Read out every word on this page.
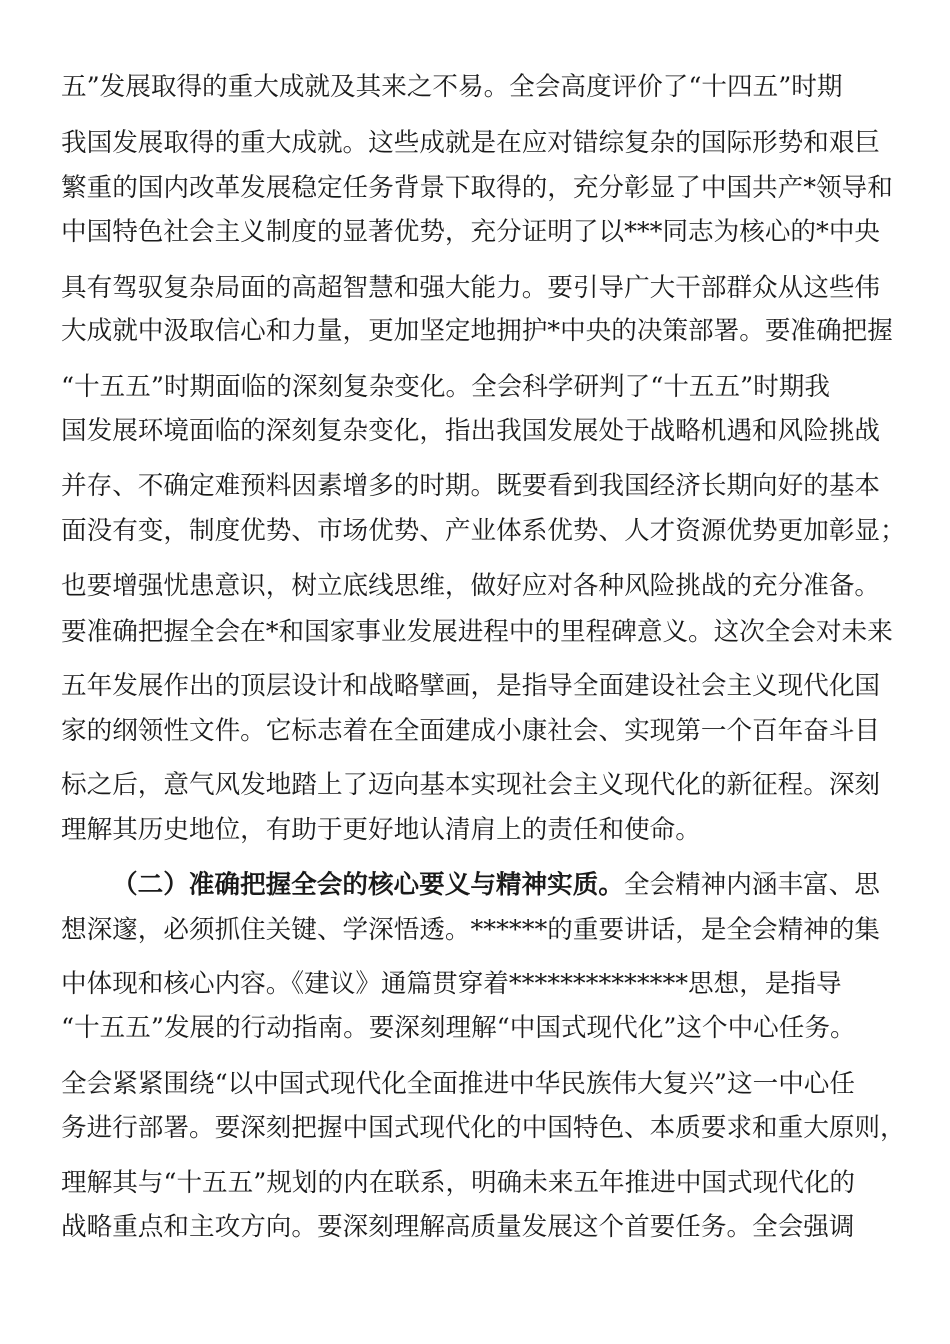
五”发展取得的重大成就及其来之不易。全会高度评价了“十四五”时期
我国发展取得的重大成就。这些成就是在应对错综复杂的国际形势和艰巨
繁重的国内改革发展稳定任务背景下取得的，充分彰显了中国共产*领导和
中国特色社会主义制度的显著优势，充分证明了以***同志为核心的*中央
具有驾驭复杂局面的高超智慧和强大能力。要引导广大干部群众从这些伟
大成就中汲取信心和力量，更加坚定地拥护*中央的决策部署。要准确把握
“十五五”时期面临的深刻复杂变化。全会科学研判了“十五五”时期我
国发展环境面临的深刻复杂变化，指出我国发展处于战略机遇和风险挑战
并存、不确定难预料因素增多的时期。既要看到我国经济长期向好的基本
面没有变，制度优势、市场优势、产业体系优势、人才资源优势更加彰显；
也要增强忧患意识，树立底线思维，做好应对各种风险挑战的充分准备。
要准确把握全会在*和国家事业发展进程中的里程碑意义。这次全会对未来
五年发展作出的顶层设计和战略擘画，是指导全面建设社会主义现代化国
家的纲领性文件。它标志着在全面建成小康社会、实现第一个百年奋斗目
标之后，意气风发地踏上了迈向基本实现社会主义现代化的新征程。深刻
理解其历史地位，有助于更好地认清肩上的责任和使命。
（二）准确把握全会的核心要义与精神实质。全会精神内涵丰富、思
想深邃，必须抓住关键、学深悟透。******的重要讲话，是全会精神的集
中体现和核心内容。《建议》通篇贯穿着**************思想，是指导
“十五五”发展的行动指南。要深刻理解“中国式现代化”这个中心任务。
全会紧紧围绕“以中国式现代化全面推进中华民族伟大复兴”这一中心任
务进行部署。要深刻把握中国式现代化的中国特色、本质要求和重大原则，
理解其与“十五五”规划的内在联系，明确未来五年推进中国式现代化的
战略重点和主攻方向。要深刻理解高质量发展这个首要任务。全会强调
